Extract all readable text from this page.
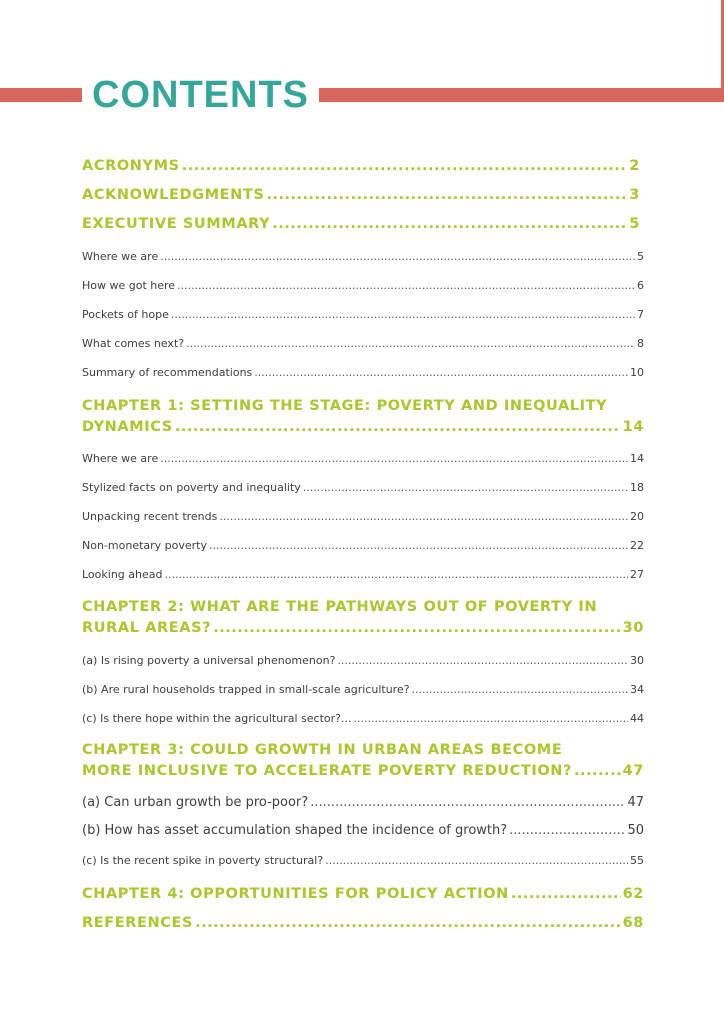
CONTENTS
ACRONYMS .....	2
ACKNOWLEDGMENTS .....	3
EXECUTIVE SUMMARY .....	5
Where we are .....	5
How we got here .....	6
Pockets of hope .....	7
What comes next? .....	8
Summary of recommendations .....	10
CHAPTER 1: SETTING THE STAGE: POVERTY AND INEQUALITY
DYNAMICS .....	14
Where we are .....	14
Stylized facts on poverty and inequality .....	18
Unpacking recent trends .....	20
Non-monetary poverty .....	22
Looking ahead .....	27
CHAPTER 2: WHAT ARE THE PATHWAYS OUT OF POVERTY IN
RURAL AREAS? .....	30
(a) Is rising poverty a universal phenomenon? .....	30
(b) Are rural households trapped in small-scale agriculture? .....	34
(c) Is there hope within the agricultural sector?... .....	44
CHAPTER 3: COULD GROWTH IN URBAN AREAS BECOME
MORE INCLUSIVE TO ACCELERATE POVERTY REDUCTION? .....	47
(a) Can urban growth be pro-poor? .....	47
(b) How has asset accumulation shaped the incidence of growth? .....	50
(c) Is the recent spike in poverty structural? .....	55
CHAPTER 4: OPPORTUNITIES FOR POLICY ACTION .....	62
REFERENCES .....	68
